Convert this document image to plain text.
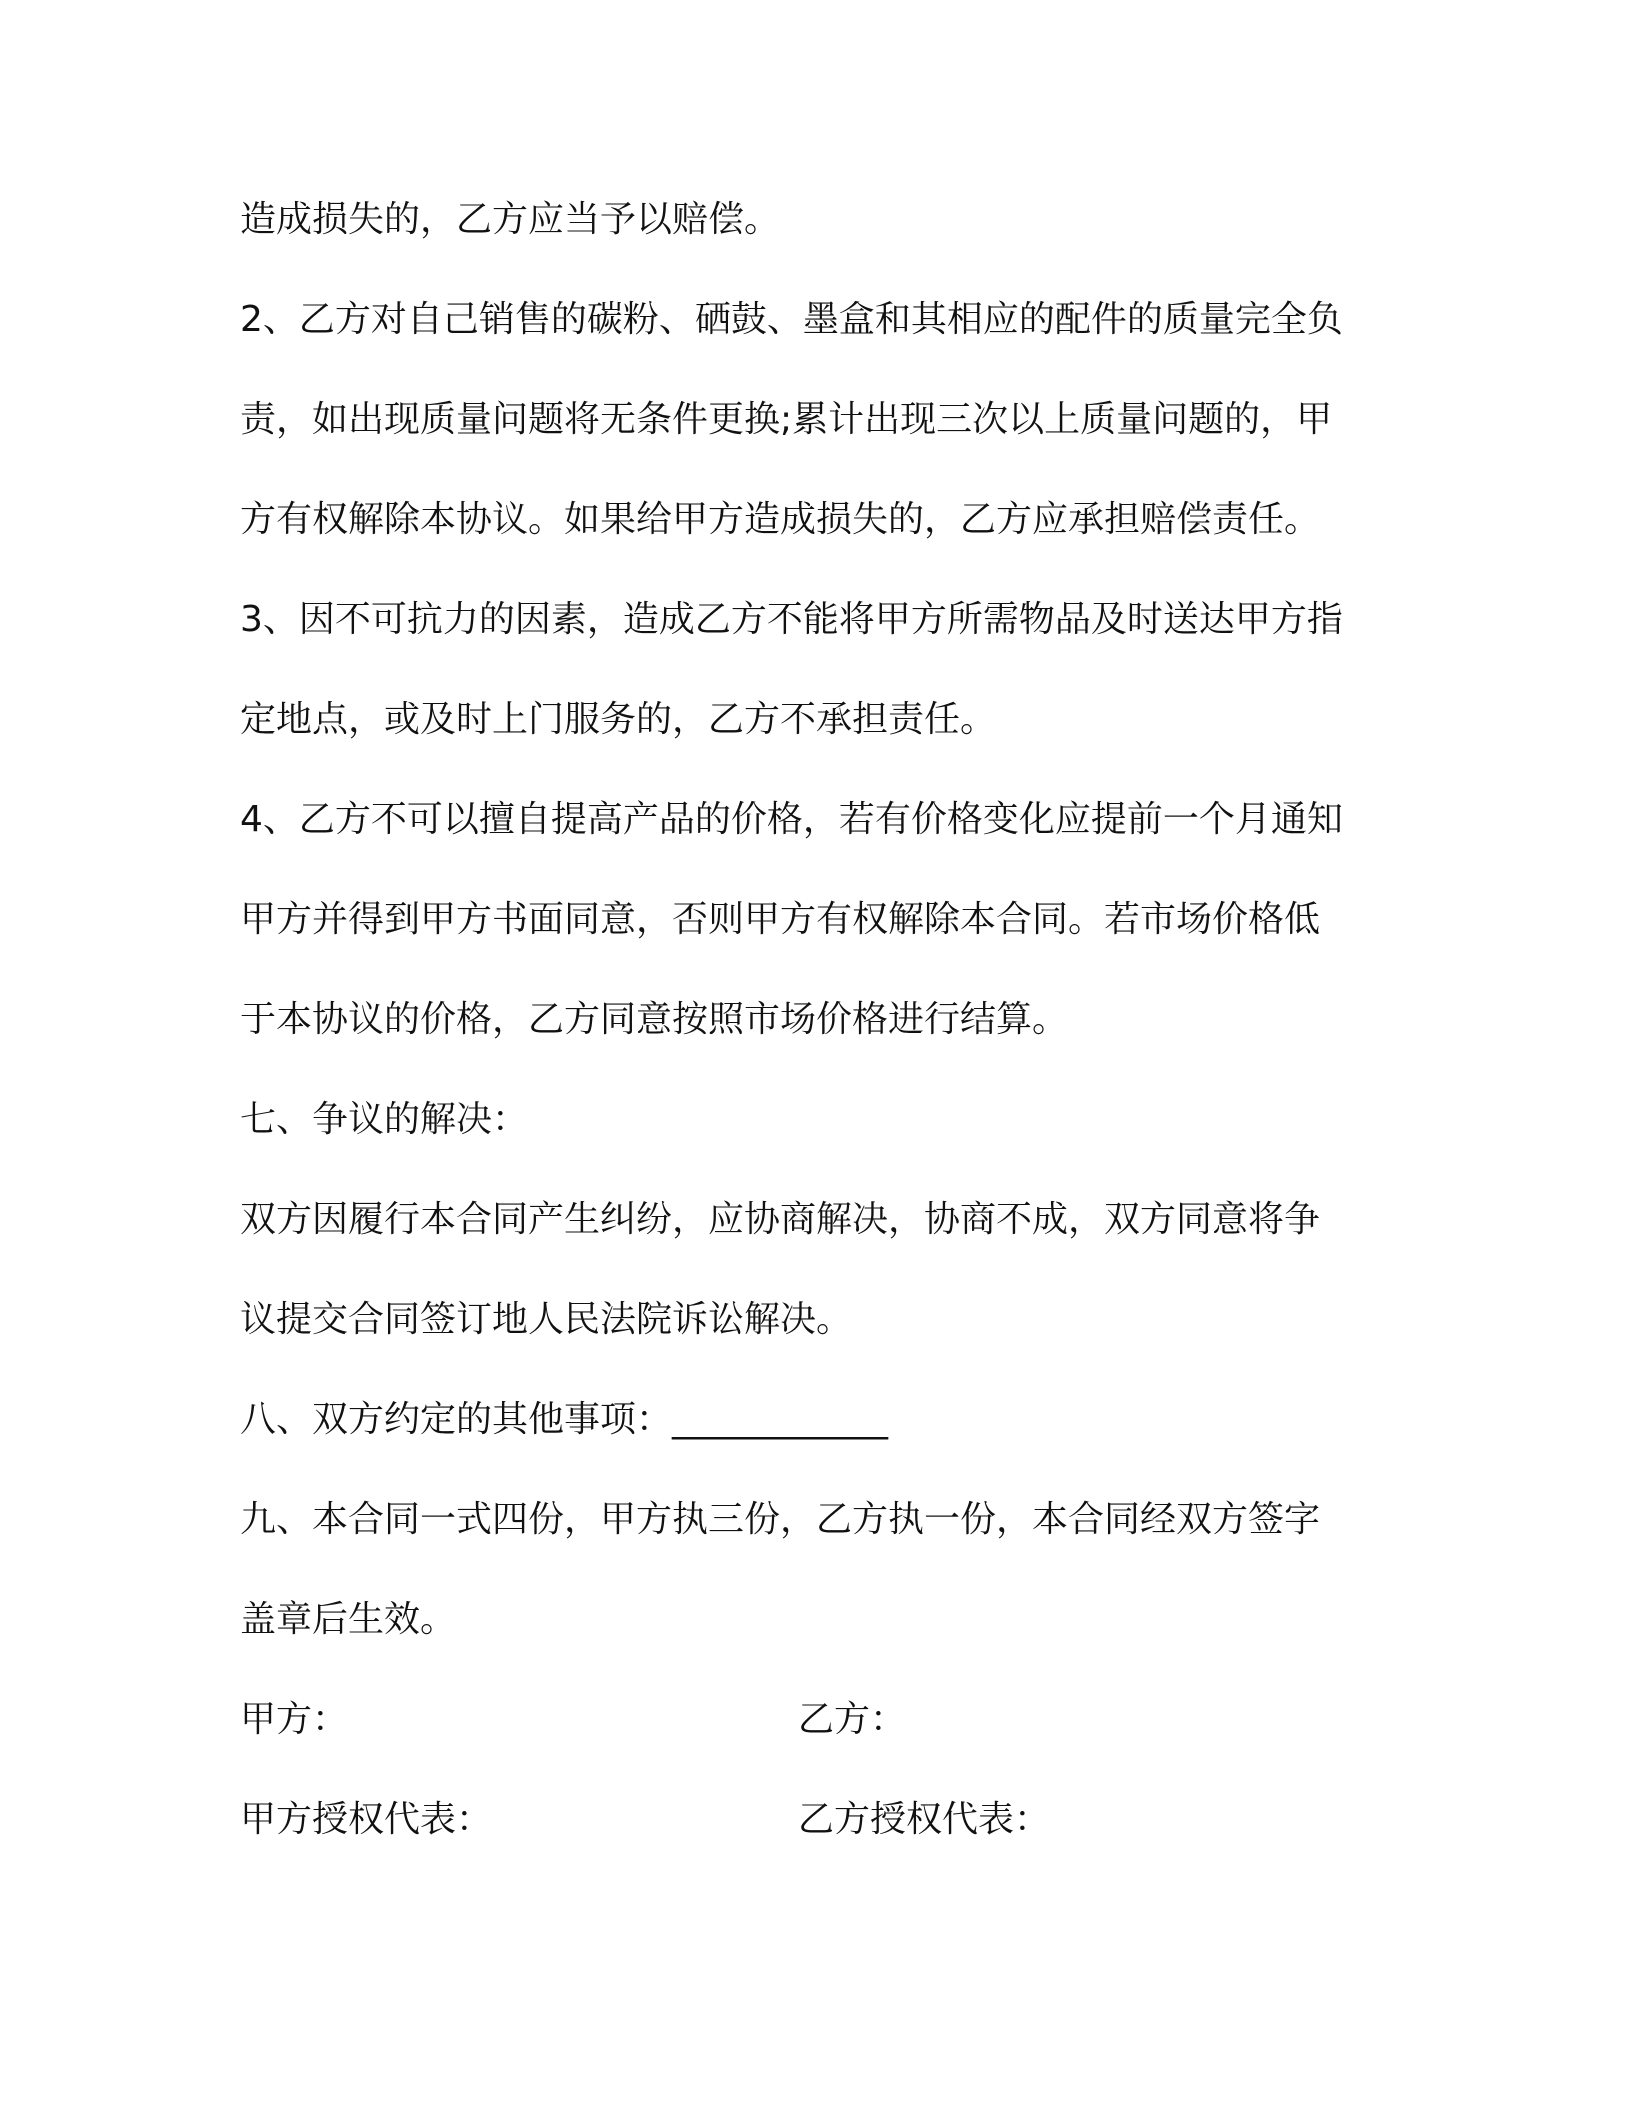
造成损失的，乙方应当予以赔偿。
2、乙方对自己销售的碳粉、硒鼓、墨盒和其相应的配件的质量完全负
责，如出现质量问题将无条件更换;累计出现三次以上质量问题的，甲
方有权解除本协议。如果给甲方造成损失的，乙方应承担赔偿责任。
3、因不可抗力的因素，造成乙方不能将甲方所需物品及时送达甲方指
定地点，或及时上门服务的，乙方不承担责任。
4、乙方不可以擅自提高产品的价格，若有价格变化应提前一个月通知
甲方并得到甲方书面同意，否则甲方有权解除本合同。若市场价格低
于本协议的价格，乙方同意按照市场价格进行结算。
七、争议的解决：
双方因履行本合同产生纠纷，应协商解决，协商不成，双方同意将争
议提交合同签订地人民法院诉讼解决。
八、双方约定的其他事项：____________
九、本合同一式四份，甲方执三份，乙方执一份，本合同经双方签字
盖章后生效。
甲方：	乙方：
甲方授权代表：	乙方授权代表：
